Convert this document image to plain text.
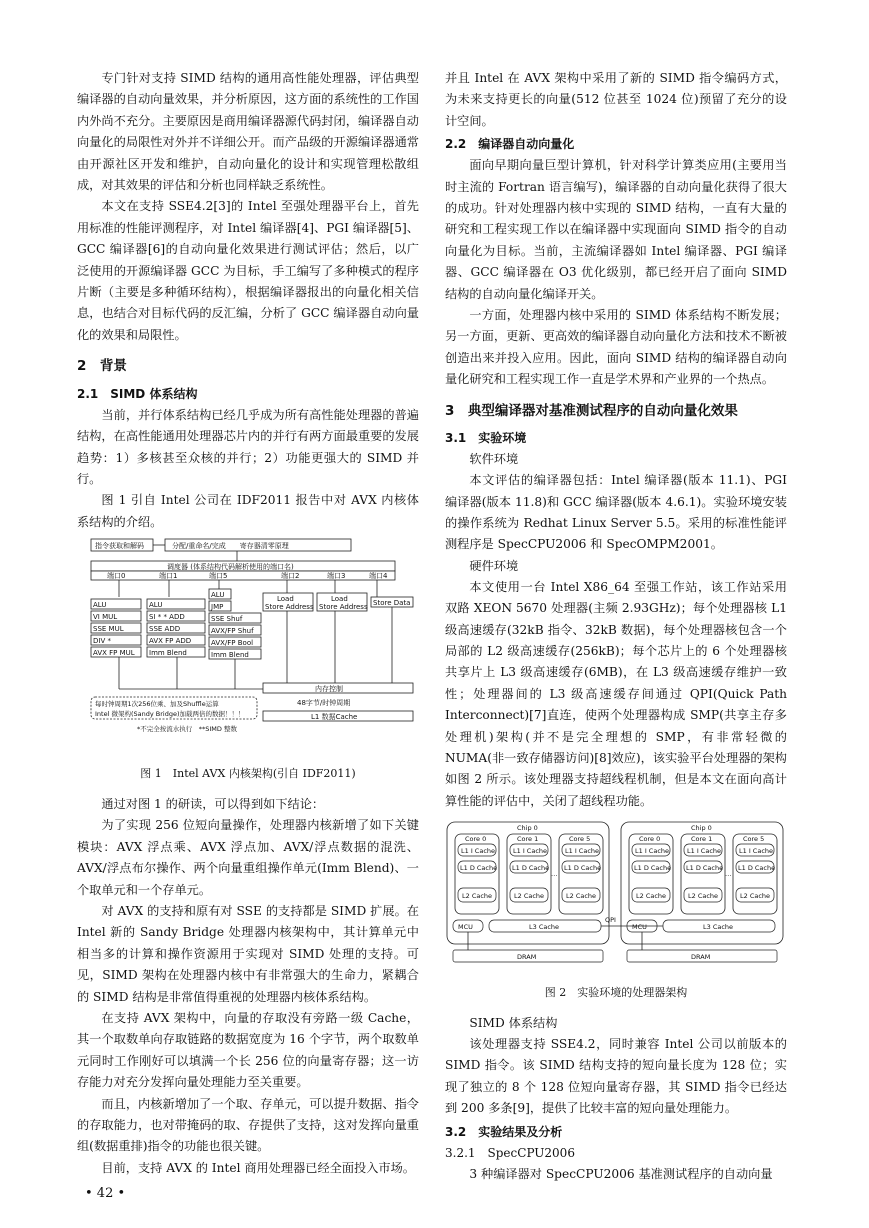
专门针对支持 SIMD 结构的通用高性能处理器，评估典型编译器的自动向量效果，并分析原因，这方面的系统性的工作国内外尚不充分。主要原因是商用编译器源代码封闭，编译器自动向量化的局限性对外并不详细公开。而产品级的开源编译器通常由开源社区开发和维护，自动向量化的设计和实现管理松散组成，对其效果的评估和分析也同样缺乏系统性。

本文在支持 SSE4.2[3]的 Intel 至强处理器平台上，首先用标准的性能评测程序，对 Intel 编译器[4]、PGI 编译器[5]、GCC 编译器[6]的自动向量化效果进行测试评估；然后，以广泛使用的开源编译器 GCC 为目标，手工编写了多种模式的程序片断（主要是多种循环结构），根据编译器报出的向量化相关信息，也结合对目标代码的反汇编，分析了 GCC 编译器自动向量化的效果和局限性。

2　背景
2.1　SIMD 体系结构

当前，并行体系结构已经几乎成为所有高性能处理器的普遍结构，在高性能通用处理器芯片内的并行有两方面最重要的发展趋势：1）多核甚至众核的并行；2）功能更强大的 SIMD 并行。

图 1 引自 Intel 公司在 IDF2011 报告中对 AVX 内核体系结构的介绍。

指令获取和解码	分配/重命名/完成　　寄存器清零原理
调度器 (体系结构代码解析使用的端口名)
端口0	端口1	端口5	端口2	端口3	端口4
ALU
VI MUL
SSE MUL
DIV *
AVX FP MUL
ALU
SI * * ADD
SSE ADD
AVX FP ADD
Imm Blend
ALU
JMP
SSE Shuf
AVX/FP Shuf
AVX/FP Bool
Imm Blend
Load
Store Address
Load
Store Address Store Data
内存控制
48字节/时钟周期
L1 数据Cache
每时钟周期1次256位乘、加及Shuffle运算
Intel 微架构(Sandy Bridge)加载两倍的数据！！！
*不完全按流水执行　**SIMD 整数
图 1　Intel AVX 内核架构(引自 IDF2011)

通过对图 1 的研读，可以得到如下结论：

为了实现 256 位短向量操作，处理器内核新增了如下关键模块：AVX 浮点乘、AVX 浮点加、AVX/浮点数据的混洗、AVX/浮点布尔操作、两个向量重组操作单元(Imm Blend)、一个取单元和一个存单元。

对 AVX 的支持和原有对 SSE 的支持都是 SIMD 扩展。在 Intel 新的 Sandy Bridge 处理器内核架构中，其计算单元中相当多的计算和操作资源用于实现对 SIMD 处理的支持。可见，SIMD 架构在处理器内核中有非常强大的生命力，紧耦合的 SIMD 结构是非常值得重视的处理器内核体系结构。

在支持 AVX 架构中，向量的存取没有旁路一级 Cache，其一个取数单向存取链路的数据宽度为 16 个字节，两个取数单元同时工作刚好可以填满一个长 256 位的向量寄存器；这一访存能力对充分发挥向量处理能力至关重要。

而且，内核新增加了一个取、存单元，可以提升数据、指令的存取能力，也对带掩码的取、存提供了支持，这对发挥向量重组(数据重排)指令的功能也很关键。

目前，支持 AVX 的 Intel 商用处理器已经全面投入市场。

并且 Intel 在 AVX 架构中采用了新的 SIMD 指令编码方式，为未来支持更长的向量(512 位甚至 1024 位)预留了充分的设计空间。

2.2　编译器自动向量化

面向早期向量巨型计算机，针对科学计算类应用(主要用当时主流的 Fortran 语言编写)，编译器的自动向量化获得了很大的成功。针对处理器内核中实现的 SIMD 结构，一直有大量的研究和工程实现工作以在编译器中实现面向 SIMD 指令的自动向量化为目标。当前，主流编译器如 Intel 编译器、PGI 编译器、GCC 编译器在 O3 优化级别，都已经开启了面向 SIMD 结构的自动向量化编译开关。

一方面，处理器内核中采用的 SIMD 体系结构不断发展；另一方面，更新、更高效的编译器自动向量化方法和技术不断被创造出来并投入应用。因此，面向 SIMD 结构的编译器自动向量化研究和工程实现工作一直是学术界和产业界的一个热点。

3　典型编译器对基准测试程序的自动向量化效果
3.1　实验环境
软件环境

本文评估的编译器包括：Intel 编译器(版本 11.1)、PGI 编译器(版本 11.8)和 GCC 编译器(版本 4.6.1)。实验环境安装的操作系统为 Redhat Linux Server 5.5。采用的标准性能评测程序是 SpecCPU2006 和 SpecOMPM2001。

硬件环境

本文使用一台 Intel X86_64 至强工作站，该工作站采用双路 XEON 5670 处理器(主频 2.93GHz)；每个处理器核 L1 级高速缓存(32kB 指令、32kB 数据)，每个处理器核包含一个局部的 L2 级高速缓存(256kB)；每个芯片上的 6 个处理器核共享片上 L3 级高速缓存(6MB)，在 L3 级高速缓存维护一致性；处理器间的 L3 级高速缓存间通过 QPI(Quick Path Interconnect)[7]直连，使两个处理器构成 SMP(共享主存多处理机)架构(并不是完全理想的 SMP，有非常轻微的 NUMA(非一致存储器访问)[8]效应)，该实验平台处理器的架构如图 2 所示。该处理器支持超线程机制，但是本文在面向高计算性能的评估中，关闭了超线程功能。

Chip 0
Core 0
L1 I Cache
L1 D Cache
L2 Cache
Core 1
L1 I Cache
L1 D Cache
L2 Cache
Core 5
L1 I Cache
L1 D Cache
L2 Cache
…
MCU	L3 Cache
DRAM
Chip 0
Core 0
L1 I Cache
L1 D Cache
L2 Cache
Core 1
L1 I Cache
L1 D Cache
L2 Cache
Core 5
L1 I Cache
L1 D Cache
L2 Cache
…
MCU	L3 Cache
DRAM
QPI
图 2　实验环境的处理器架构
SIMD 体系结构

该处理器支持 SSE4.2，同时兼容 Intel 公司以前版本的 SIMD 指令。该 SIMD 结构支持的短向量长度为 128 位；实现了独立的 8 个 128 位短向量寄存器，其 SIMD 指令已经达到 200 多条[9]，提供了比较丰富的短向量处理能力。

3.2　实验结果及分析
3.2.1　SpecCPU2006

3 种编译器对 SpecCPU2006 基准测试程序的自动向量

• 42 •
